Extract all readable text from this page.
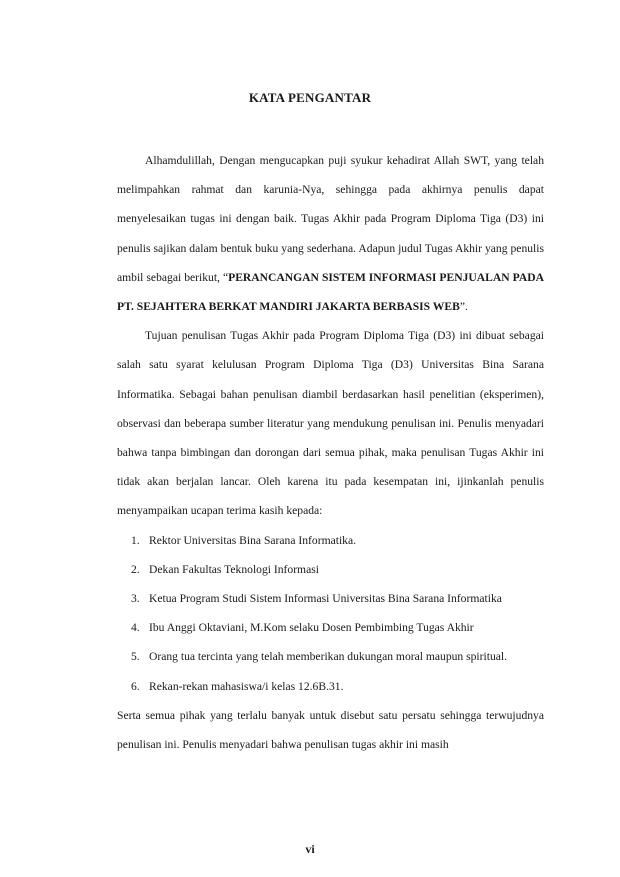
KATA PENGANTAR

Alhamdulillah, Dengan mengucapkan puji syukur kehadirat Allah SWT, yang telah melimpahkan rahmat dan karunia-Nya, sehingga pada akhirnya penulis dapat menyelesaikan tugas ini dengan baik. Tugas Akhir pada Program Diploma Tiga (D3) ini penulis sajikan dalam bentuk buku yang sederhana. Adapun judul Tugas Akhir yang penulis ambil sebagai berikut, “PERANCANGAN SISTEM INFORMASI PENJUALAN PADA PT. SEJAHTERA BERKAT MANDIRI JAKARTA BERBASIS WEB”.

Tujuan penulisan Tugas Akhir pada Program Diploma Tiga (D3) ini dibuat sebagai salah satu syarat kelulusan Program Diploma Tiga (D3) Universitas Bina Sarana Informatika. Sebagai bahan penulisan diambil berdasarkan hasil penelitian (eksperimen), observasi dan beberapa sumber literatur yang mendukung penulisan ini. Penulis menyadari bahwa tanpa bimbingan dan dorongan dari semua pihak, maka penulisan Tugas Akhir ini tidak akan berjalan lancar. Oleh karena itu pada kesempatan ini, ijinkanlah penulis menyampaikan ucapan terima kasih kepada:

1. Rektor Universitas Bina Sarana Informatika.
2. Dekan Fakultas Teknologi Informasi
3. Ketua Program Studi Sistem Informasi Universitas Bina Sarana Informatika
4. Ibu Anggi Oktaviani, M.Kom selaku Dosen Pembimbing Tugas Akhir
5. Orang tua tercinta yang telah memberikan dukungan moral maupun spiritual.
6. Rekan-rekan mahasiswa/i kelas 12.6B.31.

Serta semua pihak yang terlalu banyak untuk disebut satu persatu sehingga terwujudnya penulisan ini. Penulis menyadari bahwa penulisan tugas akhir ini masih

vi
